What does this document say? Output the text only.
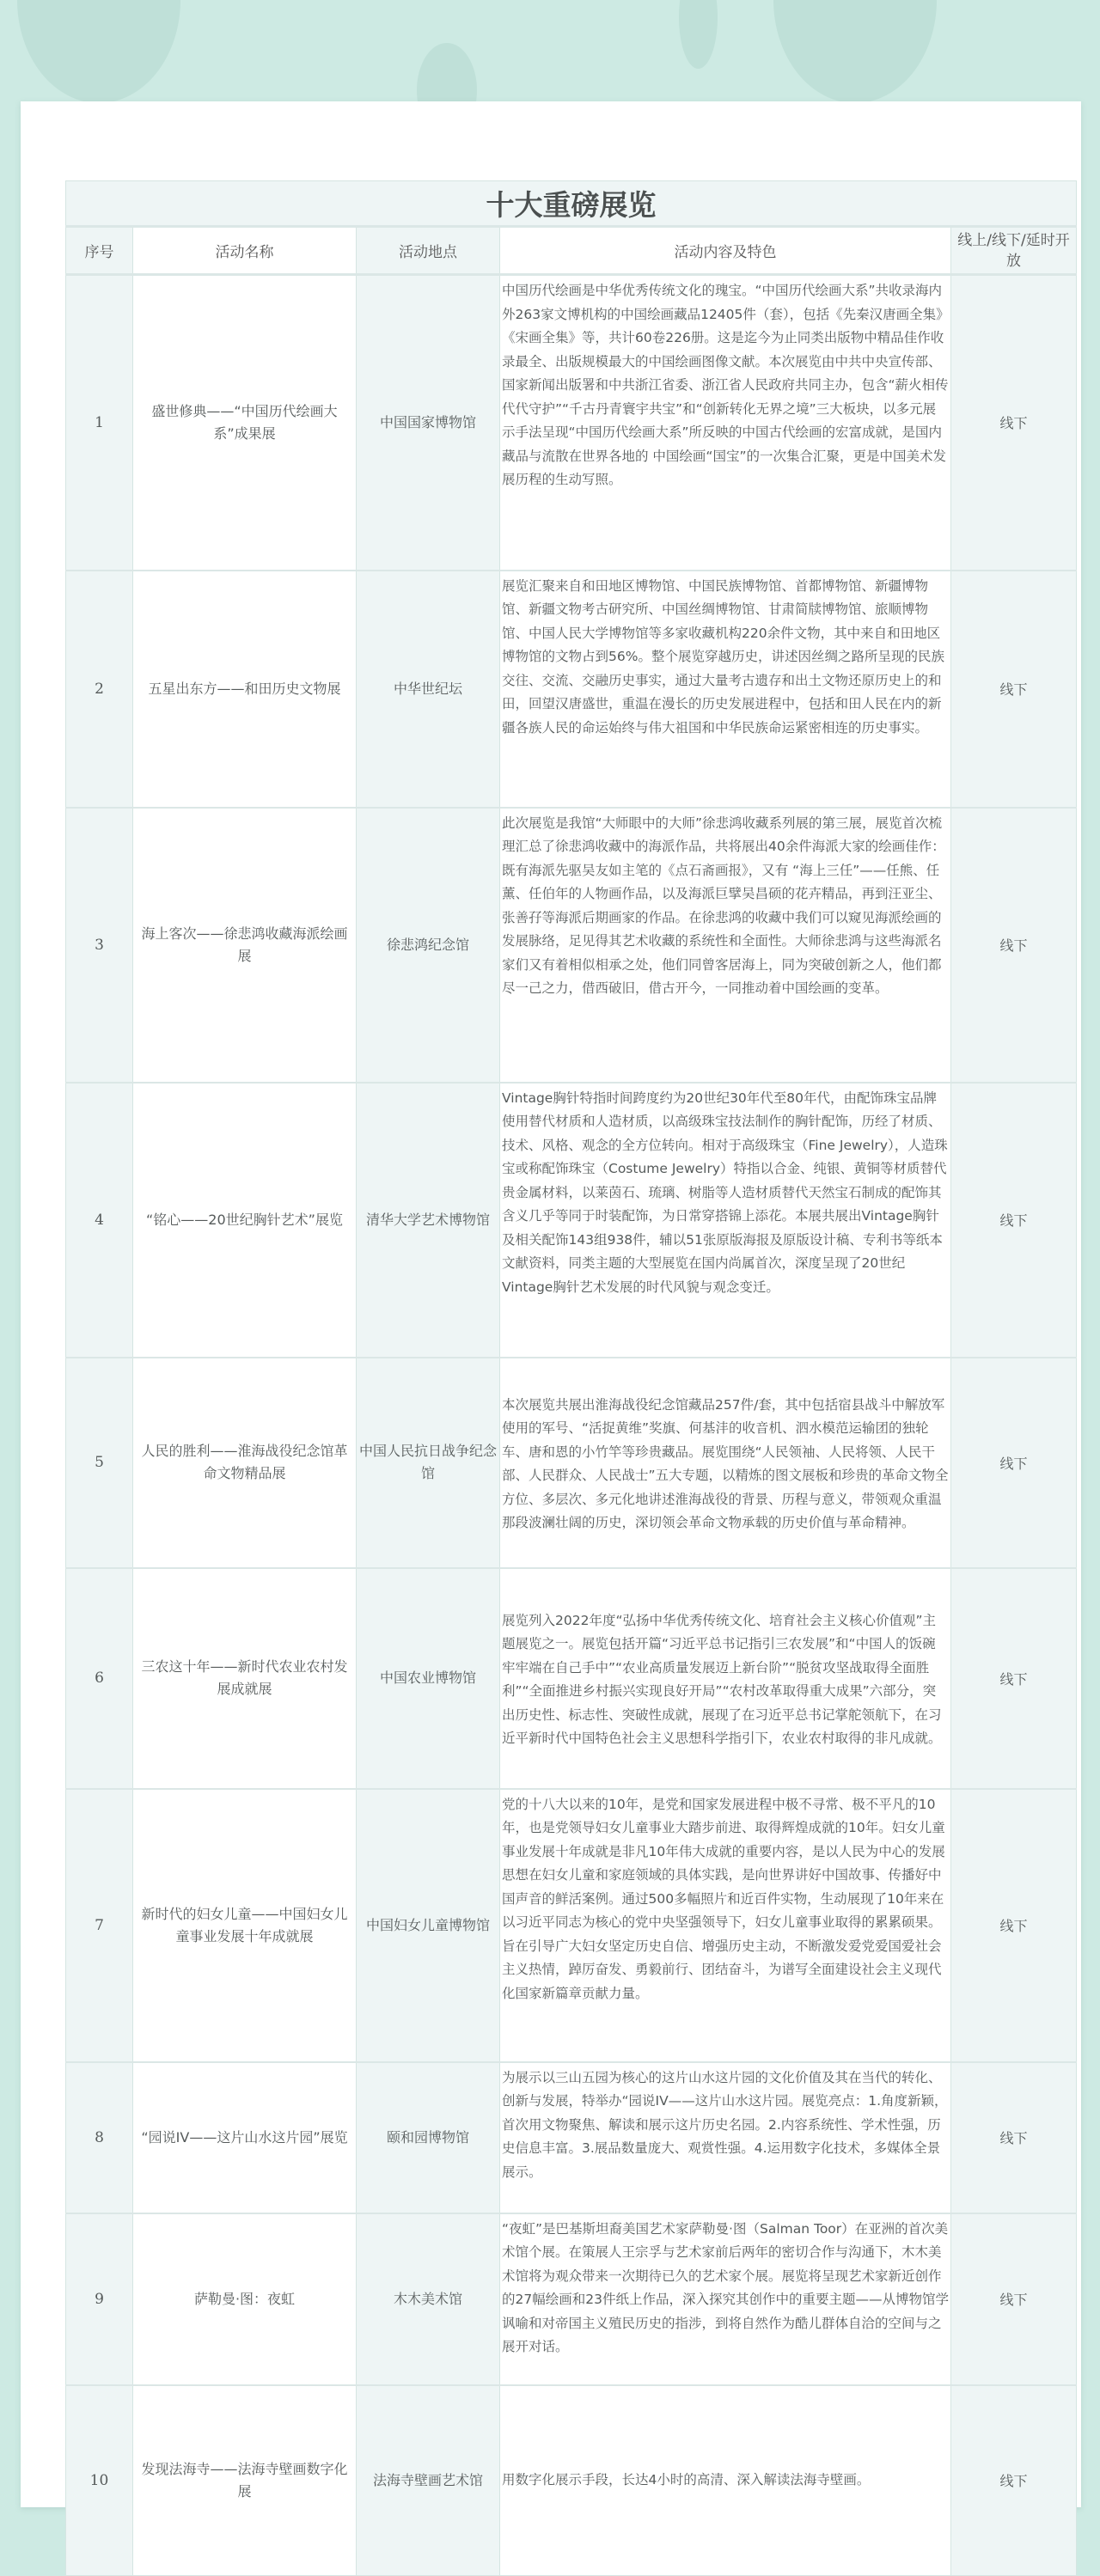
十大重磅展览				
序号	活动名称	活动地点	活动内容及特色	线上/线下/延时开放
1	盛世修典——“中国历代绘画大系”成果展	中国国家博物馆	中国历代绘画是中华优秀传统文化的瑰宝。“中国历代绘画大系”共收录海内外263家文博机构的中国绘画藏品12405件（套），包括《先秦汉唐画全集》《宋画全集》等，共计60卷226册。这是迄今为止同类出版物中精品佳作收录最全、出版规模最大的中国绘画图像文献。本次展览由中共中央宣传部、国家新闻出版署和中共浙江省委、浙江省人民政府共同主办，包含“薪火相传代代守护”“千古丹青寰宇共宝”和“创新转化无界之境”三大板块，以多元展示手法呈现“中国历代绘画大系”所反映的中国古代绘画的宏富成就，是国内藏品与流散在世界各地的 中国绘画“国宝”的一次集合汇聚，更是中国美术发展历程的生动写照。	线下
2	五星出东方——和田历史文物展	中华世纪坛	展览汇聚来自和田地区博物馆、中国民族博物馆、首都博物馆、新疆博物馆、新疆文物考古研究所、中国丝绸博物馆、甘肃简牍博物馆、旅顺博物馆、中国人民大学博物馆等多家收藏机构220余件文物，其中来自和田地区博物馆的文物占到56%。整个展览穿越历史，讲述因丝绸之路所呈现的民族交往、交流、交融历史事实，通过大量考古遗存和出土文物还原历史上的和田，回望汉唐盛世，重温在漫长的历史发展进程中，包括和田人民在内的新疆各族人民的命运始终与伟大祖国和中华民族命运紧密相连的历史事实。	线下
3	海上客次——徐悲鸿收藏海派绘画展	徐悲鸿纪念馆	此次展览是我馆“大师眼中的大师”徐悲鸿收藏系列展的第三展，展览首次梳理汇总了徐悲鸿收藏中的海派作品，共将展出40余件海派大家的绘画佳作：既有海派先驱吴友如主笔的《点石斋画报》，又有 “海上三任”——任熊、任薰、任伯年的人物画作品，以及海派巨擘吴昌硕的花卉精品，再到汪亚尘、张善孖等海派后期画家的作品。在徐悲鸿的收藏中我们可以窥见海派绘画的发展脉络，足见得其艺术收藏的系统性和全面性。大师徐悲鸿与这些海派名家们又有着相似相承之处，他们同曾客居海上，同为突破创新之人，他们都尽一己之力，借西破旧，借古开今，一同推动着中国绘画的变革。	线下
4	“铭心——20世纪胸针艺术”展览	清华大学艺术博物馆	Vintage胸针特指时间跨度约为20世纪30年代至80年代，由配饰珠宝品牌使用替代材质和人造材质，以高级珠宝技法制作的胸针配饰，历经了材质、技术、风格、观念的全方位转向。相对于高级珠宝（Fine Jewelry），人造珠宝或称配饰珠宝（Costume Jewelry）特指以合金、纯银、黄铜等材质替代贵金属材料，以莱茵石、琉璃、树脂等人造材质替代天然宝石制成的配饰其含义几乎等同于时装配饰，为日常穿搭锦上添花。本展共展出Vintage胸针及相关配饰143组938件，辅以51张原版海报及原版设计稿、专利书等纸本文献资料，同类主题的大型展览在国内尚属首次，深度呈现了20世纪Vintage胸针艺术发展的时代风貌与观念变迁。	线下
5	人民的胜利——淮海战役纪念馆革命文物精品展	中国人民抗日战争纪念馆	本次展览共展出淮海战役纪念馆藏品257件/套，其中包括宿县战斗中解放军使用的军号、“活捉黄维”奖旗、何基沣的收音机、泗水模范运输团的独轮车、唐和恩的小竹竿等珍贵藏品。展览围绕“人民领袖、人民将领、人民干部、人民群众、人民战士”五大专题，以精炼的图文展板和珍贵的革命文物全方位、多层次、多元化地讲述淮海战役的背景、历程与意义，带领观众重温那段波澜壮阔的历史，深切领会革命文物承载的历史价值与革命精神。	线下
6	三农这十年——新时代农业农村发展成就展	中国农业博物馆	展览列入2022年度“弘扬中华优秀传统文化、培育社会主义核心价值观”主题展览之一。展览包括开篇“习近平总书记指引三农发展”和“中国人的饭碗牢牢端在自己手中”“农业高质量发展迈上新台阶”“脱贫攻坚战取得全面胜利”“全面推进乡村振兴实现良好开局”“农村改革取得重大成果”六部分，突出历史性、标志性、突破性成就，展现了在习近平总书记掌舵领航下，在习近平新时代中国特色社会主义思想科学指引下，农业农村取得的非凡成就。	线下
7	新时代的妇女儿童——中国妇女儿童事业发展十年成就展	中国妇女儿童博物馆	党的十八大以来的10年，是党和国家发展进程中极不寻常、极不平凡的10年，也是党领导妇女儿童事业大踏步前进、取得辉煌成就的10年。妇女儿童事业发展十年成就是非凡10年伟大成就的重要内容，是以人民为中心的发展思想在妇女儿童和家庭领域的具体实践，是向世界讲好中国故事、传播好中国声音的鲜活案例。通过500多幅照片和近百件实物，生动展现了10年来在以习近平同志为核心的党中央坚强领导下，妇女儿童事业取得的累累硕果。旨在引导广大妇女坚定历史自信、增强历史主动，不断激发爱党爱国爱社会主义热情，踔厉奋发、勇毅前行、团结奋斗，为谱写全面建设社会主义现代化国家新篇章贡献力量。	线下
8	“园说IV——这片山水这片园”展览	颐和园博物馆	为展示以三山五园为核心的这片山水这片园的文化价值及其在当代的转化、创新与发展，特举办“园说IV——这片山水这片园。展览亮点：1.角度新颖，首次用文物聚焦、解读和展示这片历史名园。2.内容系统性、学术性强，历史信息丰富。3.展品数量庞大、观赏性强。4.运用数字化技术，多媒体全景展示。	线下
9	萨勒曼·图：夜虹	木木美术馆	“夜虹”是巴基斯坦裔美国艺术家萨勒曼·图（Salman Toor）在亚洲的首次美术馆个展。在策展人王宗孚与艺术家前后两年的密切合作与沟通下，木木美术馆将为观众带来一次期待已久的艺术家个展。展览将呈现艺术家新近创作的27幅绘画和23件纸上作品，深入探究其创作中的重要主题——从博物馆学讽喻和对帝国主义殖民历史的指涉，到将自然作为酷儿群体自洽的空间与之展开对话。	线下
10	发现法海寺——法海寺壁画数字化展	法海寺壁画艺术馆	用数字化展示手段，长达4小时的高清、深入解读法海寺壁画。	线下
